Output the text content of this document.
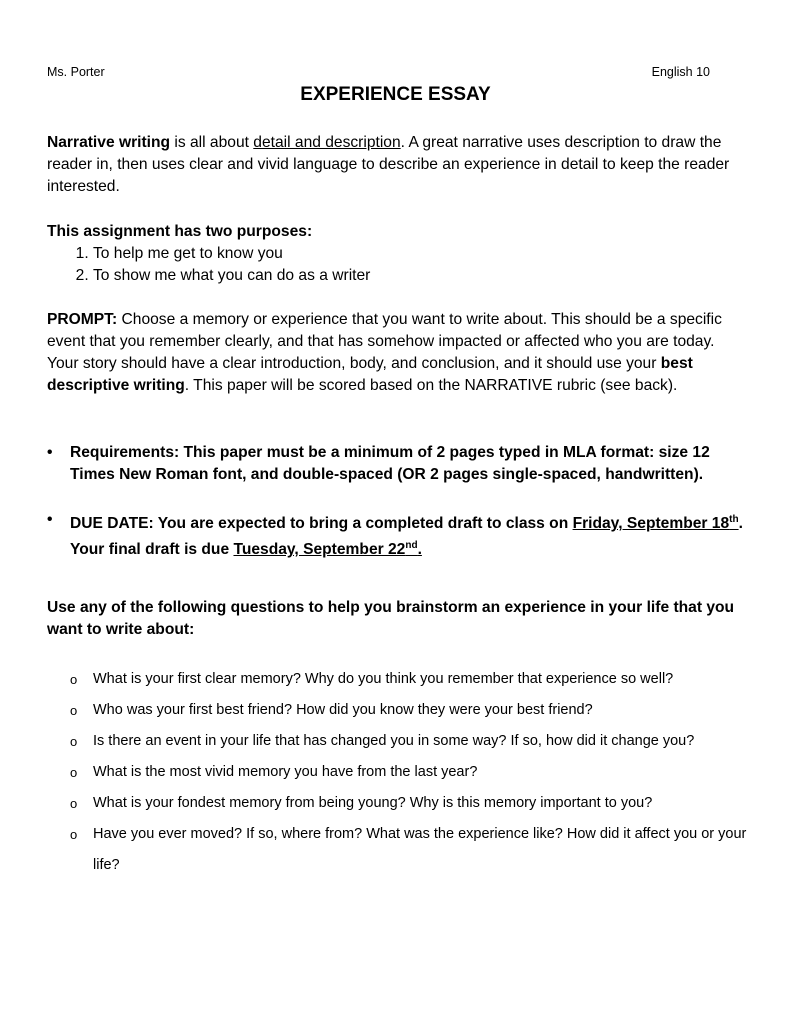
Ms. Porter	English 10
EXPERIENCE ESSAY
Narrative writing is all about detail and description. A great narrative uses description to draw the reader in, then uses clear and vivid language to describe an experience in detail to keep the reader interested.
This assignment has two purposes:
1. To help me get to know you
2. To show me what you can do as a writer
PROMPT: Choose a memory or experience that you want to write about. This should be a specific event that you remember clearly, and that has somehow impacted or affected who you are today. Your story should have a clear introduction, body, and conclusion, and it should use your best descriptive writing. This paper will be scored based on the NARRATIVE rubric (see back).
• Requirements: This paper must be a minimum of 2 pages typed in MLA format: size 12 Times New Roman font, and double-spaced (OR 2 pages single-spaced, handwritten).
• DUE DATE: You are expected to bring a completed draft to class on Friday, September 18th. Your final draft is due Tuesday, September 22nd.
Use any of the following questions to help you brainstorm an experience in your life that you want to write about:
o What is your first clear memory? Why do you think you remember that experience so well?
o Who was your first best friend? How did you know they were your best friend?
o Is there an event in your life that has changed you in some way? If so, how did it change you?
o What is the most vivid memory you have from the last year?
o What is your fondest memory from being young? Why is this memory important to you?
o Have you ever moved? If so, where from? What was the experience like? How did it affect you or your life?
